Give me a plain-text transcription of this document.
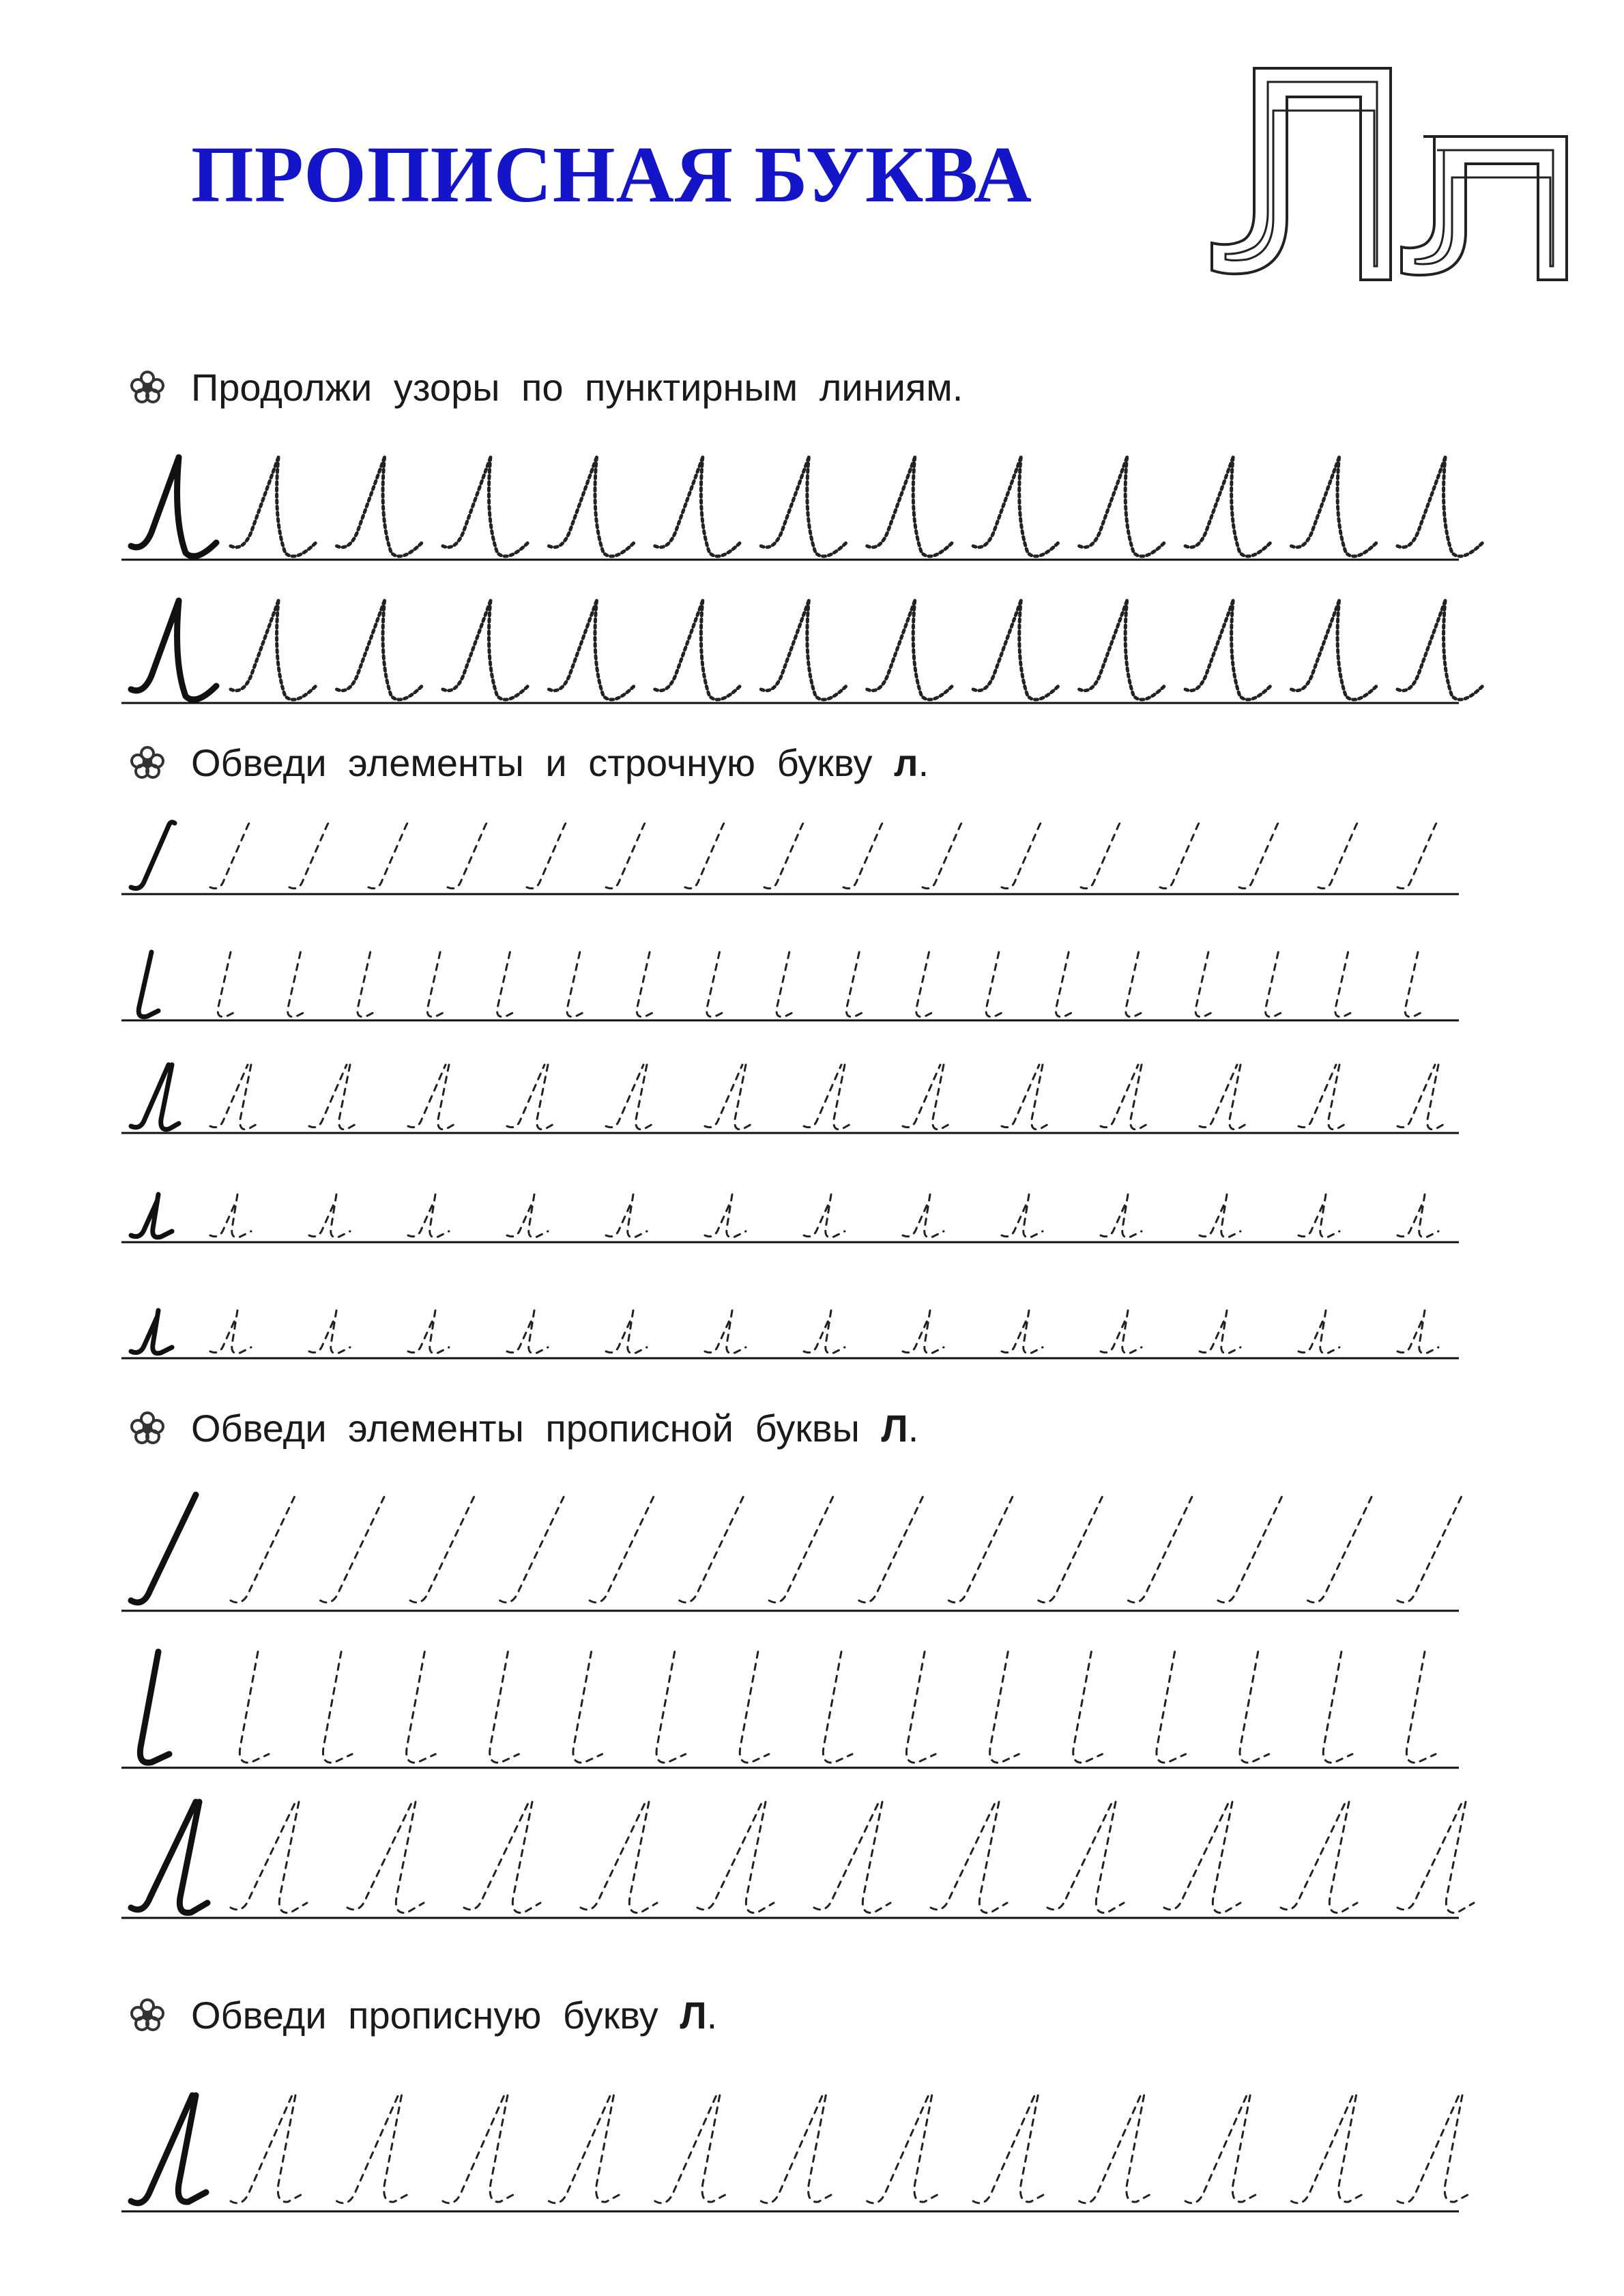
ПРОПИСНАЯ БУКВА
Продолжи узоры по пунктирным линиям.
Обведи элементы и строчную букву л.
Обведи элементы прописной буквы Л.
Обведи прописную букву Л.
